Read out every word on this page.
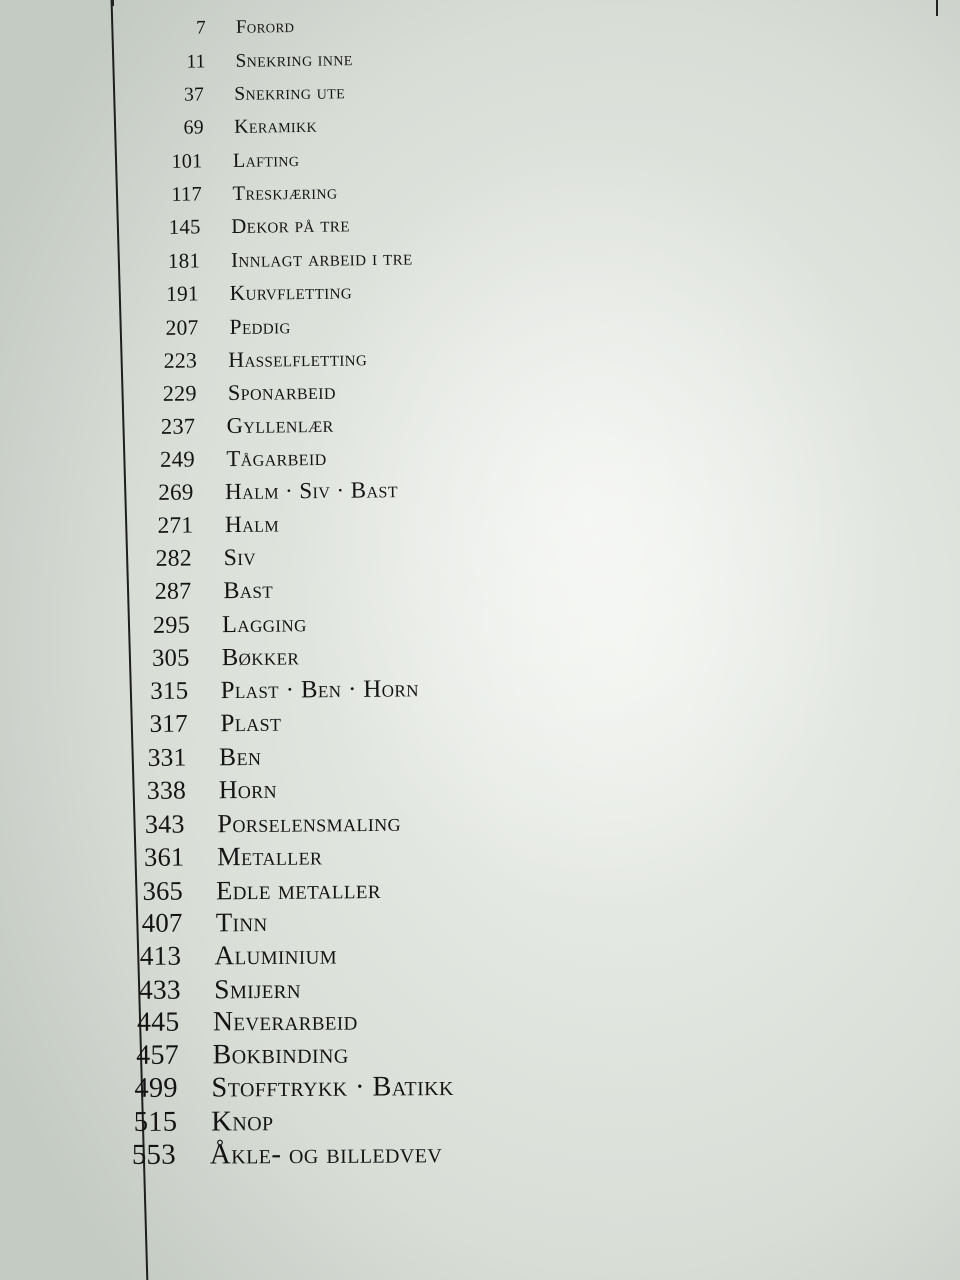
7 Forord
11 Snekring inne
37 Snekring ute
69 Keramikk
101 Lafting
117 Treskjæring
145 Dekor på tre
181 Innlagt arbeid i tre
191 Kurvfletting
207 Peddig
223 Hasselfletting
229 Sponarbeid
237 Gyllenlær
249 Tågarbeid
269 Halm · Siv · Bast
271 Halm
282 Siv
287 Bast
295 Lagging
305 Bøkker
315 Plast · Ben · Horn
317 Plast
331 Ben
338 Horn
343 Porselensmaling
361 Metaller
365 Edle metaller
407 Tinn
413 Aluminium
433 Smijern
445 Neverarbeid
457 Bokbinding
499 Stofftrykk · Batikk
515 Knop
553 Åkle- og billedvev
